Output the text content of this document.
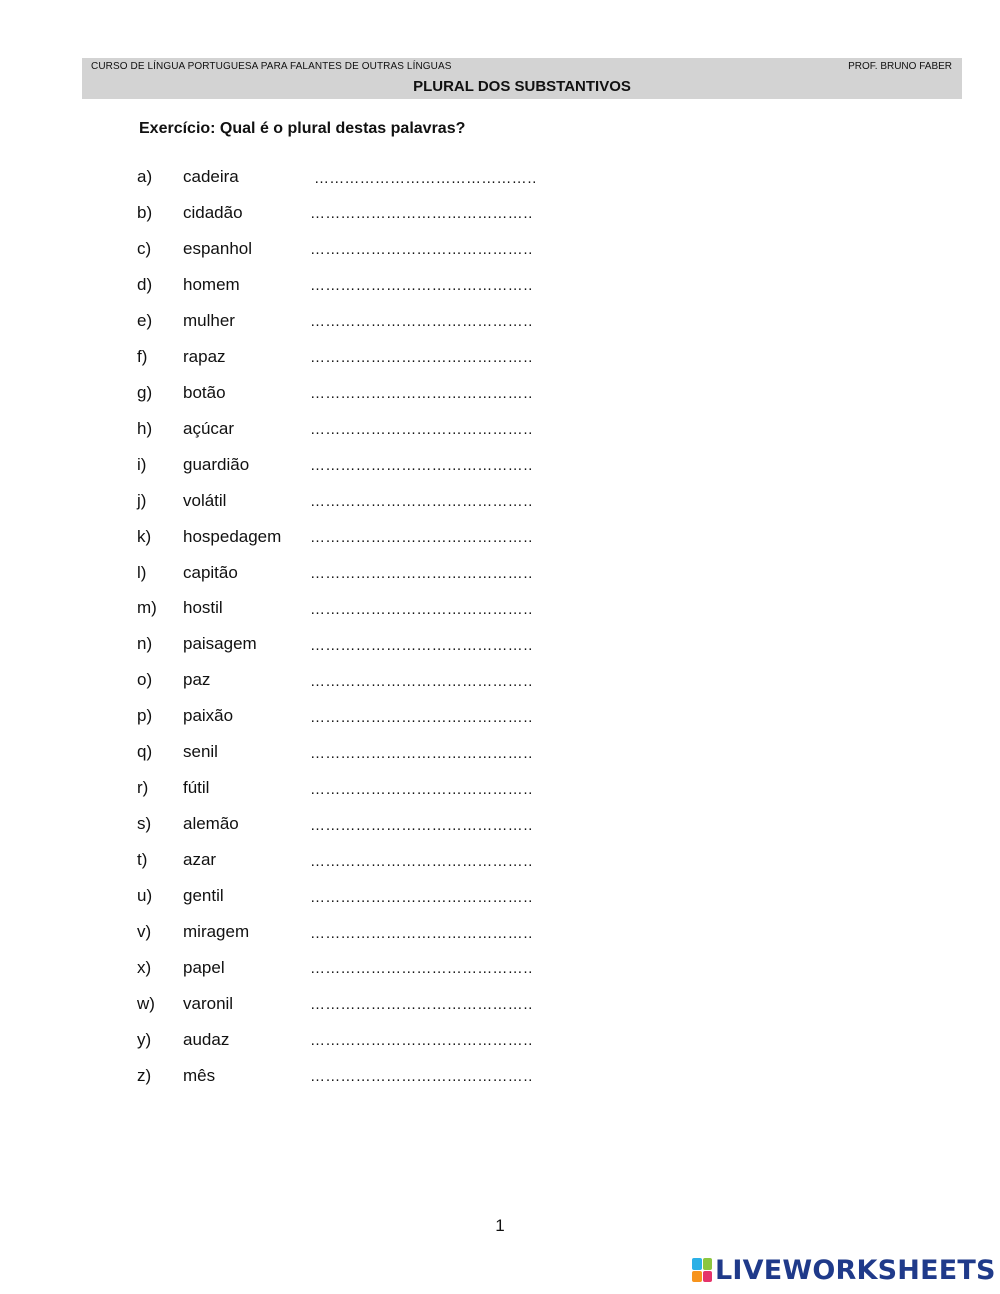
CURSO DE LÍNGUA PORTUGUESA PARA FALANTES DE OUTRAS LÍNGUAS	PROF. BRUNO FABER
PLURAL DOS SUBSTANTIVOS
Exercício: Qual é o plural destas palavras?
a) cadeira
…………………………………………
b) cidadão
…………………………………………
c) espanhol
…………………………………………
d) homem
…………………………………………
e) mulher
…………………………………………
f) rapaz
…………………………………………
g) botão
…………………………………………
h) açúcar
…………………………………………
i) guardião
…………………………………………
j) volátil
…………………………………………
k) hospedagem
…………………………………………
l) capitão
…………………………………………
m) hostil
…………………………………………
n) paisagem
…………………………………………
o) paz
…………………………………………
p) paixão
…………………………………………
q) senil
…………………………………………
r) fútil
…………………………………………
s) alemão
…………………………………………
t) azar
…………………………………………
u) gentil
…………………………………………
v) miragem
…………………………………………
x) papel
…………………………………………
w) varonil
…………………………………………
y) audaz
…………………………………………
z) mês
…………………………………………
1
LIVEWORKSHEETS
